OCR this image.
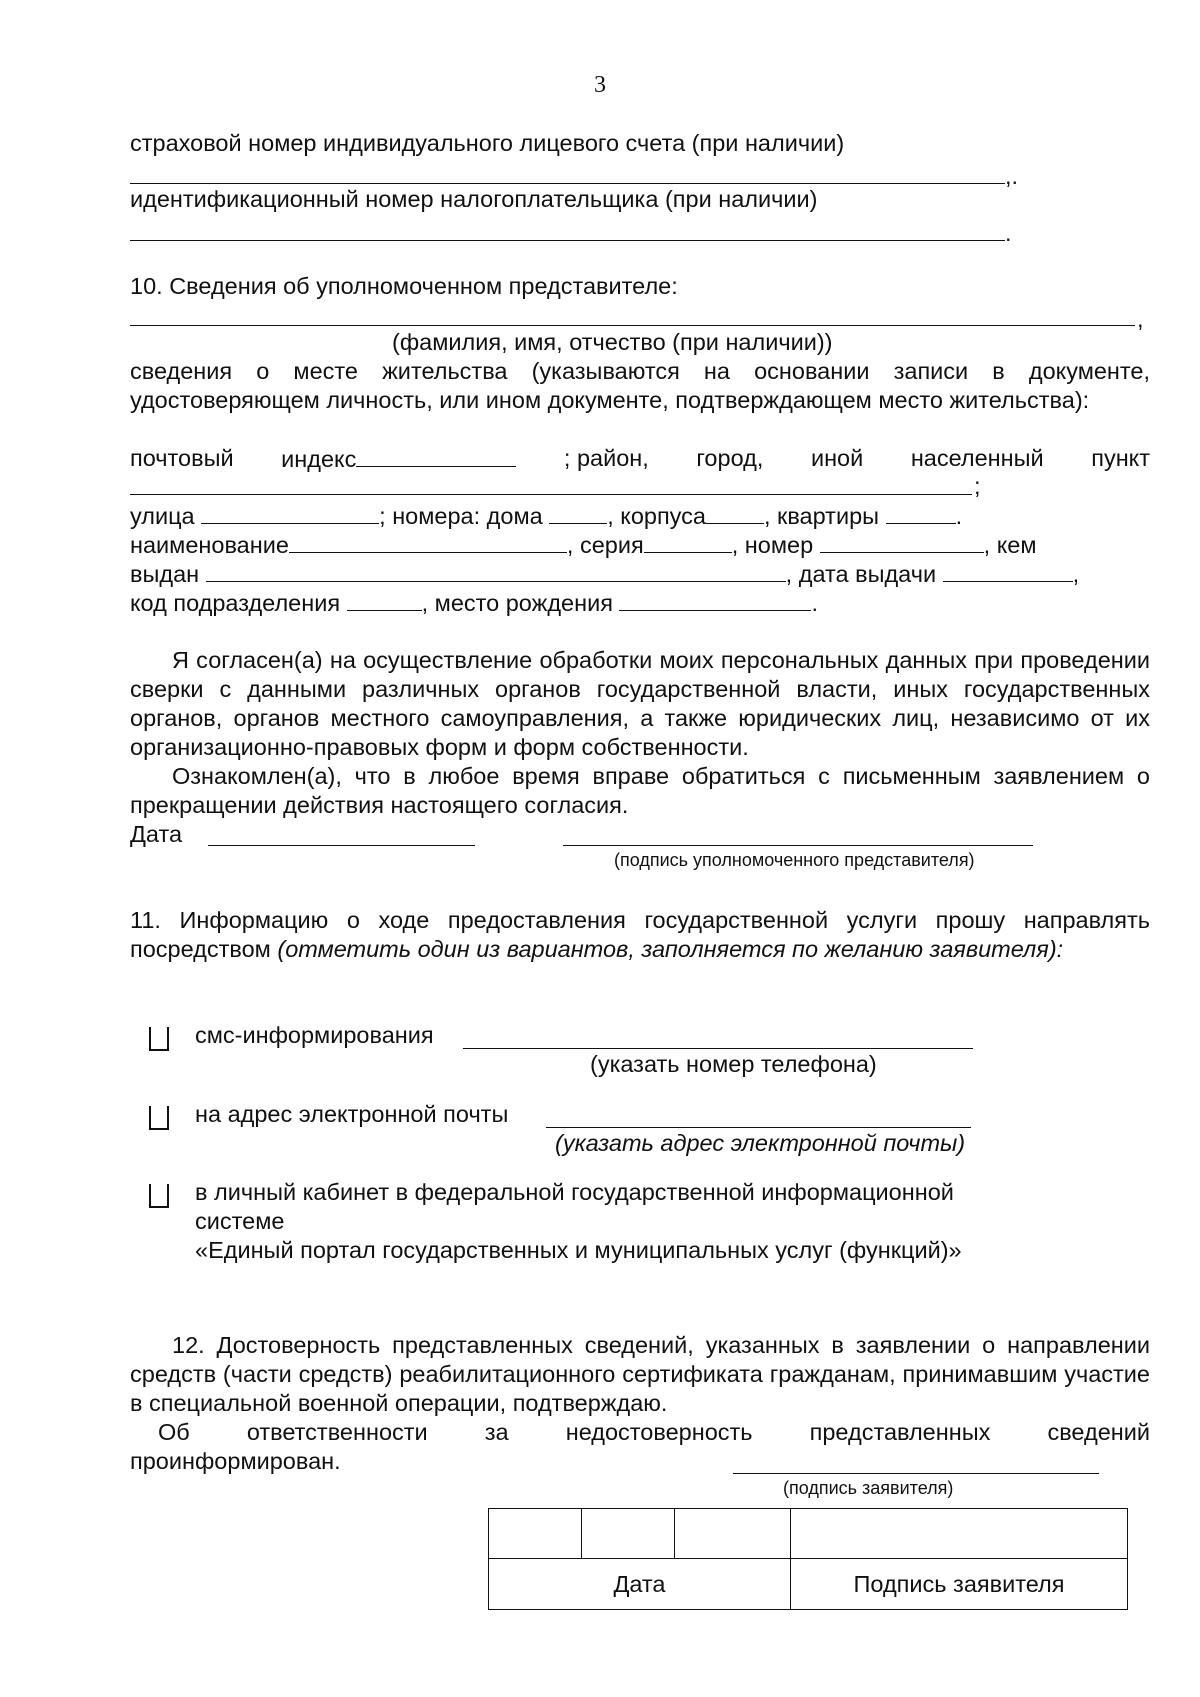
3
страховой номер индивидуального лицевого счета (при наличии)
,.
идентификационный номер налогоплательщика (при наличии)
.
10. Сведения об уполномоченном представителе:
,
(фамилия, имя, отчество (при наличии))
сведения о месте жительства (указываются на основании записи в документе, удостоверяющем личность, или ином документе, подтверждающем место жительства):
почтовый индекс	; район, город, иной населенный пункт
;
улица	; номера: дома	, корпуса , квартиры	.
наименование	, серия	, номер	, кем
выдан	, дата выдачи	,
код подразделения	, место рождения	.
Я согласен(а) на осуществление обработки моих персональных данных при проведении сверки с данными различных органов государственной власти, иных государственных органов, органов местного самоуправления, а также юридических лиц, независимо от их организационно-правовых форм и форм собственности.
Ознакомлен(а), что в любое время вправе обратиться с письменным заявлением о прекращении действия настоящего согласия.
Дата
(подпись уполномоченного представителя)
11. Информацию о ходе предоставления государственной услуги прошу направлять посредством (отметить один из вариантов, заполняется по желанию заявителя):
смс-информирования
(указать номер телефона)
на адрес электронной почты
(указать адрес электронной почты)
в личный кабинет в федеральной государственной информационной
системе
«Единый портал государственных и муниципальных услуг (функций)»
12. Достоверность представленных сведений, указанных в заявлении о направлении средств (части средств) реабилитационного сертификата гражданам, принимавшим участие в специальной военной операции, подтверждаю.
Об ответственности за недостоверность представленных сведений
проинформирован.
(подпись заявителя)

Дата			Подпись заявителя
